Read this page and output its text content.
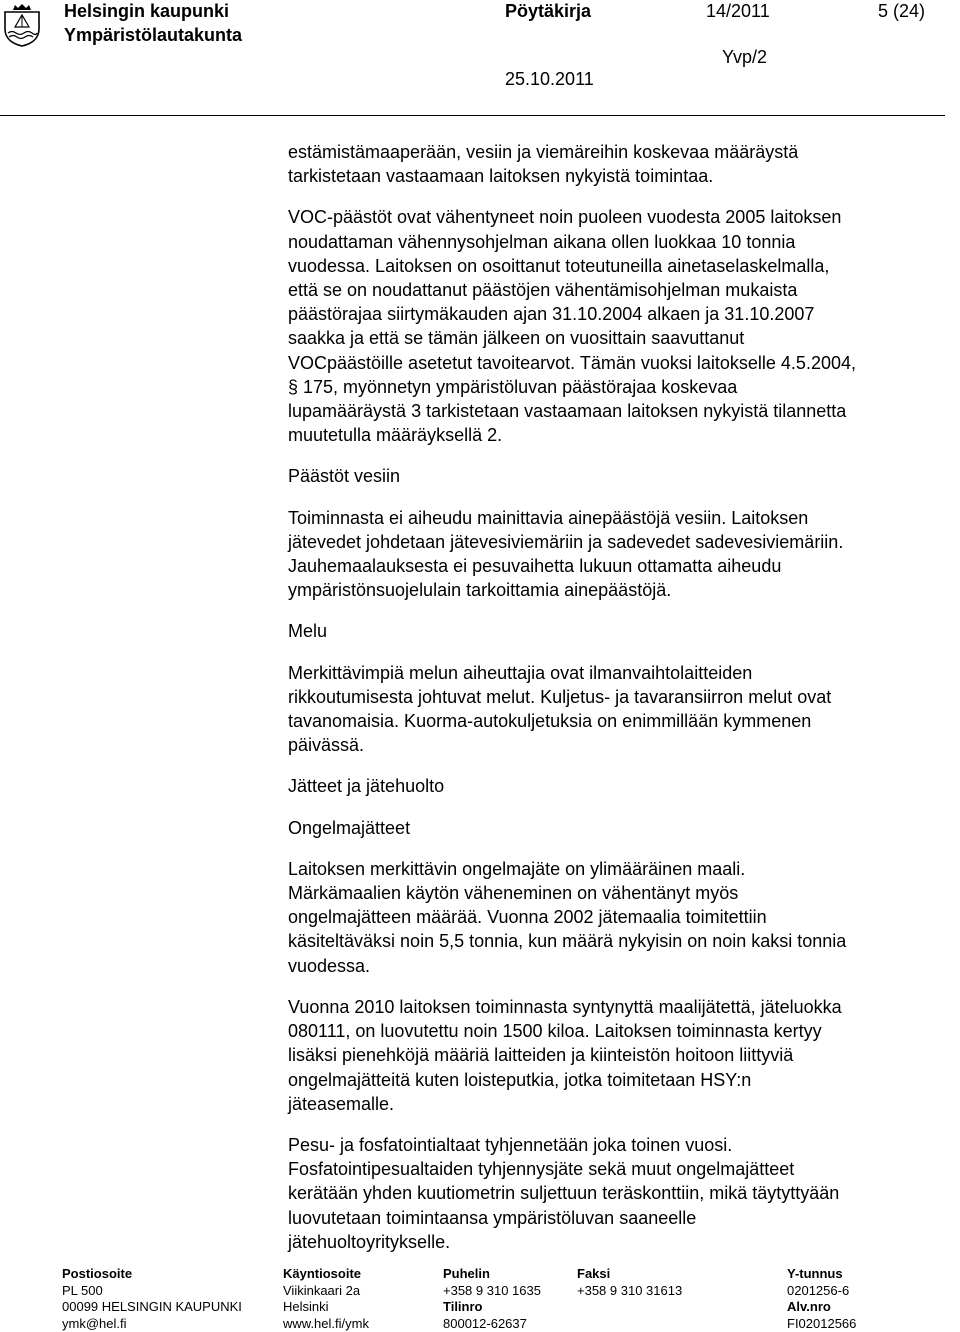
Helsingin kaupunki
Ympäristölautakunta
Pöytäkirja	14/2011	5 (24)
Yvp/2
25.10.2011

estämistämaaperään, vesiin ja viemäreihin koskevaa määräystä
tarkistetaan vastaamaan laitoksen nykyistä toimintaa.

VOC-päästöt ovat vähentyneet noin puoleen vuodesta 2005 laitoksen
noudattaman vähennysohjelman aikana ollen luokkaa 10 tonnia
vuodessa. Laitoksen on osoittanut toteutuneilla ainetaselaskelmalla,
että se on noudattanut päästöjen vähentämisohjelman mukaista
päästörajaa siirtymäkauden ajan 31.10.2004 alkaen ja 31.10.2007
saakka ja että se tämän jälkeen on vuosittain saavuttanut
VOCpäästöille asetetut tavoitearvot. Tämän vuoksi laitokselle 4.5.2004,
§ 175, myönnetyn ympäristöluvan päästörajaa koskevaa
lupamääräystä 3 tarkistetaan vastaamaan laitoksen nykyistä tilannetta
muutetulla määräyksellä 2.

Päästöt vesiin

Toiminnasta ei aiheudu mainittavia ainepäästöjä vesiin. Laitoksen
jätevedet johdetaan jätevesiviemäriin ja sadevedet sadevesiviemäriin.
Jauhemaalauksesta ei pesuvaihetta lukuun ottamatta aiheudu
ympäristönsuojelulain tarkoittamia ainepäästöjä.

Melu

Merkittävimpiä melun aiheuttajia ovat ilmanvaihtolaitteiden
rikkoutumisesta johtuvat melut. Kuljetus- ja tavaransiirron melut ovat
tavanomaisia. Kuorma-autokuljetuksia on enimmillään kymmenen
päivässä.

Jätteet ja jätehuolto

Ongelmajätteet

Laitoksen merkittävin ongelmajäte on ylimääräinen maali.
Märkämaalien käytön väheneminen on vähentänyt myös
ongelmajätteen määrää. Vuonna 2002 jätemaalia toimitettiin
käsiteltäväksi noin 5,5 tonnia, kun määrä nykyisin on noin kaksi tonnia
vuodessa.

Vuonna 2010 laitoksen toiminnasta syntynyttä maalijätettä, jäteluokka
080111, on luovutettu noin 1500 kiloa. Laitoksen toiminnasta kertyy
lisäksi pienehköjä määriä laitteiden ja kiinteistön hoitoon liittyviä
ongelmajätteitä kuten loisteputkia, jotka toimitetaan HSY:n
jäteasemalle.

Pesu- ja fosfatointialtaat tyhjennetään joka toinen vuosi.
Fosfatointipesualtaiden tyhjennysjäte sekä muut ongelmajätteet
kerätään yhden kuutiometrin suljettuun teräskonttiin, mikä täytyttyään
luovutetaan toimintaansa ympäristöluvan saaneelle
jätehuoltoyritykselle.

Postiosoite
PL 500
00099 HELSINGIN KAUPUNKI
ymk@hel.fi
Käyntiosoite
Viikinkaari 2a
Helsinki
www.hel.fi/ymk
Puhelin
+358 9 310 1635
Tilinro
800012-62637
Faksi
+358 9 310 31613
Y-tunnus
0201256-6
Alv.nro
FI02012566
